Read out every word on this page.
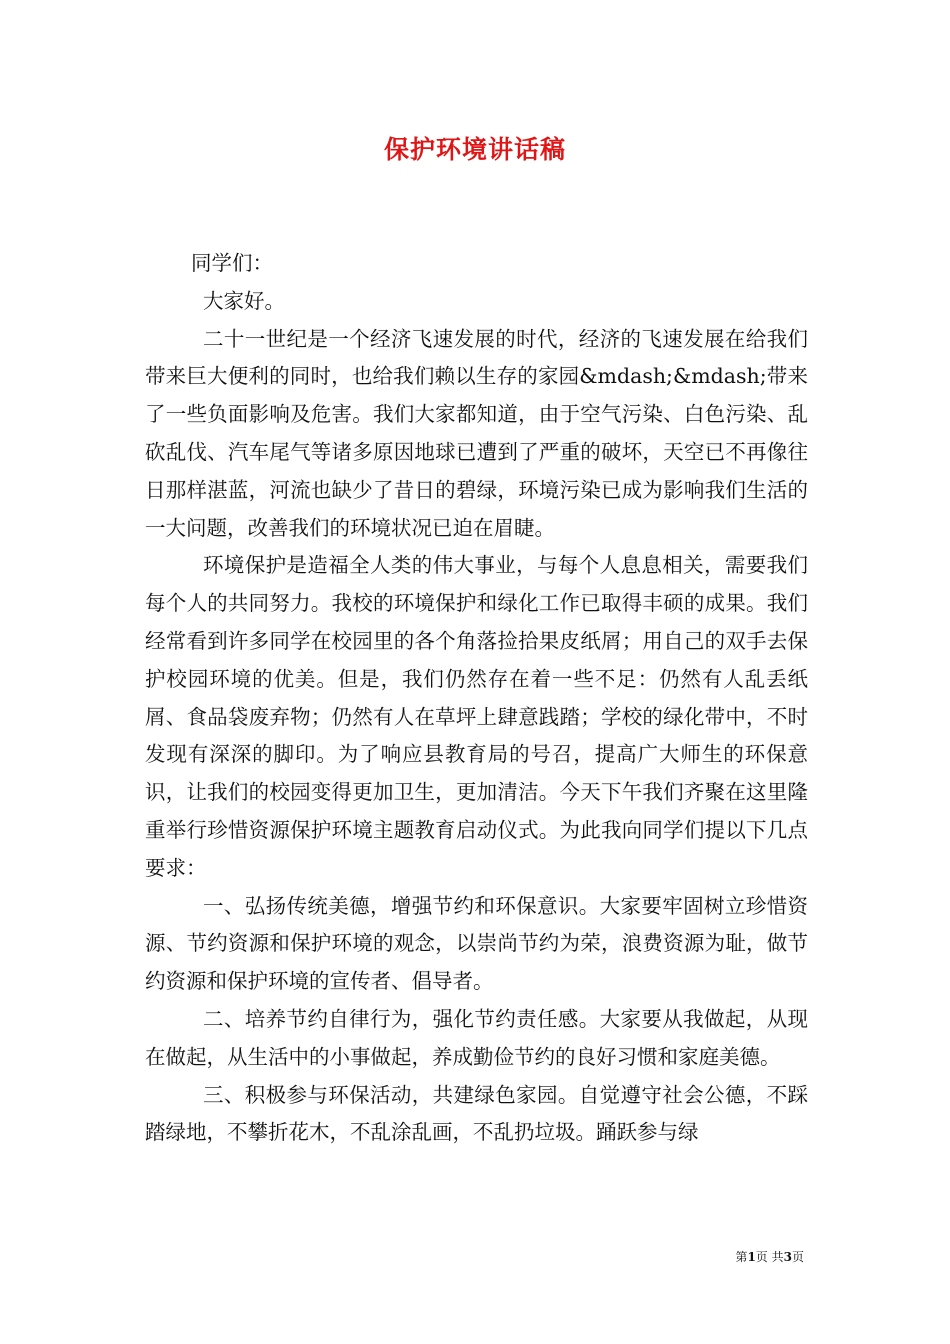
保护环境讲话稿

同学们：

大家好。

二十一世纪是一个经济飞速发展的时代，经济的飞速发展在给我们带来巨大便利的同时，也给我们赖以生存的家园&mdash;&mdash;带来了一些负面影响及危害。我们大家都知道，由于空气污染、白色污染、乱砍乱伐、汽车尾气等诸多原因地球已遭到了严重的破坏，天空已不再像往日那样湛蓝，河流也缺少了昔日的碧绿，环境污染已成为影响我们生活的一大问题，改善我们的环境状况已迫在眉睫。

环境保护是造福全人类的伟大事业，与每个人息息相关，需要我们每个人的共同努力。我校的环境保护和绿化工作已取得丰硕的成果。我们经常看到许多同学在校园里的各个角落捡拾果皮纸屑；用自己的双手去保护校园环境的优美。但是，我们仍然存在着一些不足：仍然有人乱丢纸屑、食品袋废弃物；仍然有人在草坪上肆意践踏；学校的绿化带中，不时发现有深深的脚印。为了响应县教育局的号召，提高广大师生的环保意识，让我们的校园变得更加卫生，更加清洁。今天下午我们齐聚在这里隆重举行珍惜资源保护环境主题教育启动仪式。为此我向同学们提以下几点要求：

一、弘扬传统美德，增强节约和环保意识。大家要牢固树立珍惜资源、节约资源和保护环境的观念，以崇尚节约为荣，浪费资源为耻，做节约资源和保护环境的宣传者、倡导者。

二、培养节约自律行为，强化节约责任感。大家要从我做起，从现在做起，从生活中的小事做起，养成勤俭节约的良好习惯和家庭美德。

三、积极参与环保活动，共建绿色家园。自觉遵守社会公德，不踩踏绿地，不攀折花木，不乱涂乱画，不乱扔垃圾。踊跃参与绿

第1页 共3页
